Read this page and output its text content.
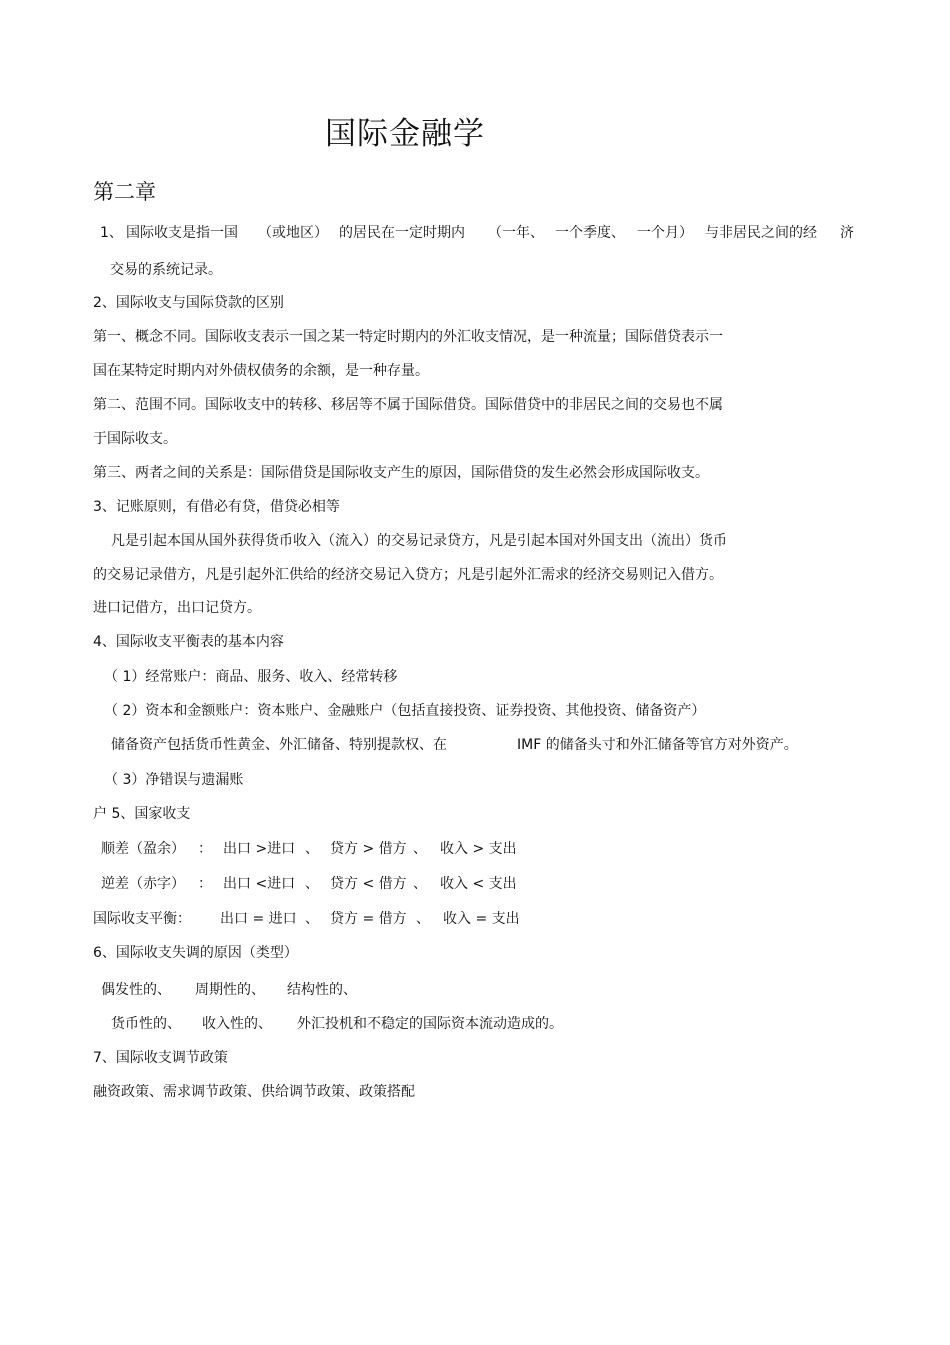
国际金融学
第二章
1、 国际收支是指一国 （或地区） 的居民在一定时期内 （一年、 一个季度、 一个月） 与非居民之间的经 济
交易的系统记录。
2、国际收支与国际贷款的区别
第一、概念不同。国际收支表示一国之某一特定时期内的外汇收支情况，是一种流量；国际借贷表示一
国在某特定时期内对外债权债务的余额，是一种存量。
第二、范围不同。国际收支中的转移、移居等不属于国际借贷。国际借贷中的非居民之间的交易也不属
于国际收支。
第三、两者之间的关系是：国际借贷是国际收支产生的原因，国际借贷的发生必然会形成国际收支。
3、记账原则，有借必有贷，借贷必相等
凡是引起本国从国外获得货币收入（流入）的交易记录贷方，凡是引起本国对外国支出（流出）货币
的交易记录借方，凡是引起外汇供给的经济交易记入贷方；凡是引起外汇需求的经济交易则记入借方。
进口记借方，出口记贷方。
4、国际收支平衡表的基本内容
（ 1）经常账户：商品、服务、收入、经常转移
（ 2）资本和金额账户：资本账户、金融账户（包括直接投资、证券投资、其他投资、储备资产）
储备资产包括货币性黄金、外汇储备、特别提款权、在	IMF 的储备头寸和外汇储备等官方对外资产。
（ 3）净错误与遗漏账
户 5、国家收支
顺差（盈余） ： 出口 >进口 、 贷方 > 借方 、 收入 > 支出
逆差（赤字） ： 出口 <进口 、 贷方 < 借方 、 收入 < 支出
国际收支平衡： 出口 = 进口 、 贷方 = 借方 、 收入 = 支出
6、国际收支失调的原因（类型）
偶发性的、 周期性的、 结构性的、
货币性的、 收入性的、 外汇投机和不稳定的国际资本流动造成的。
7、国际收支调节政策
融资政策、需求调节政策、供给调节政策、政策搭配
